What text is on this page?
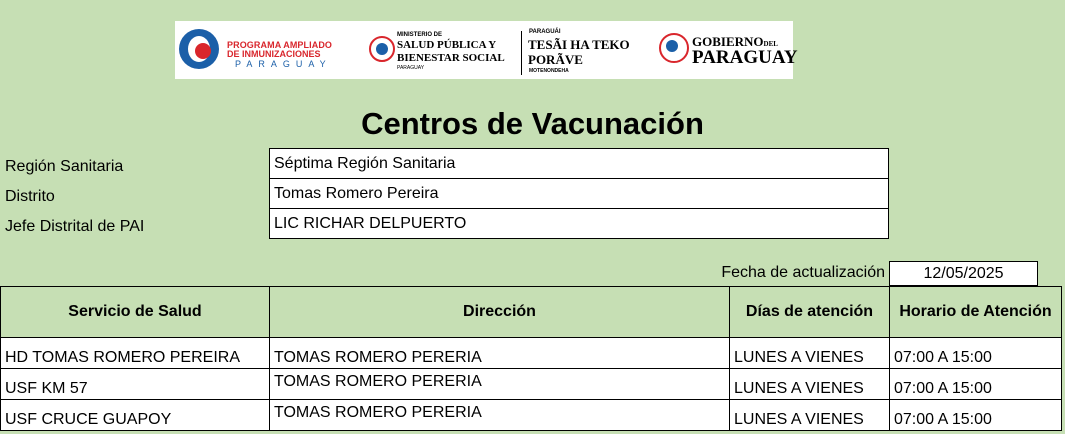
PROGRAMA AMPLIADO
DE INMUNIZACIONES
PARAGUAY
MINISTERIO DE
SALUD PÚBLICA Y
BIENESTAR SOCIAL
PARAGUAY
PARAGUÁI
TESÃI HA TEKO
PORÃVE
MOTENONDEHA
GOBIERNODEL
PARAGUAY
Centros de Vacunación
Región Sanitaria	Séptima Región Sanitaria
Distrito	Tomas Romero Pereira
Jefe Distrital de PAI	LIC RICHAR DELPUERTO
Fecha de actualización	12/05/2025
Servicio de Salud	Dirección	Días de atención	Horario de Atención
HD TOMAS ROMERO PEREIRA	TOMAS ROMERO PERERIA	LUNES A VIENES	07:00 A 15:00
USF KM 57	TOMAS ROMERO PERERIA	LUNES A VIENES	07:00 A 15:00
USF CRUCE GUAPOY	TOMAS ROMERO PERERIA	LUNES A VIENES	07:00 A 15:00
